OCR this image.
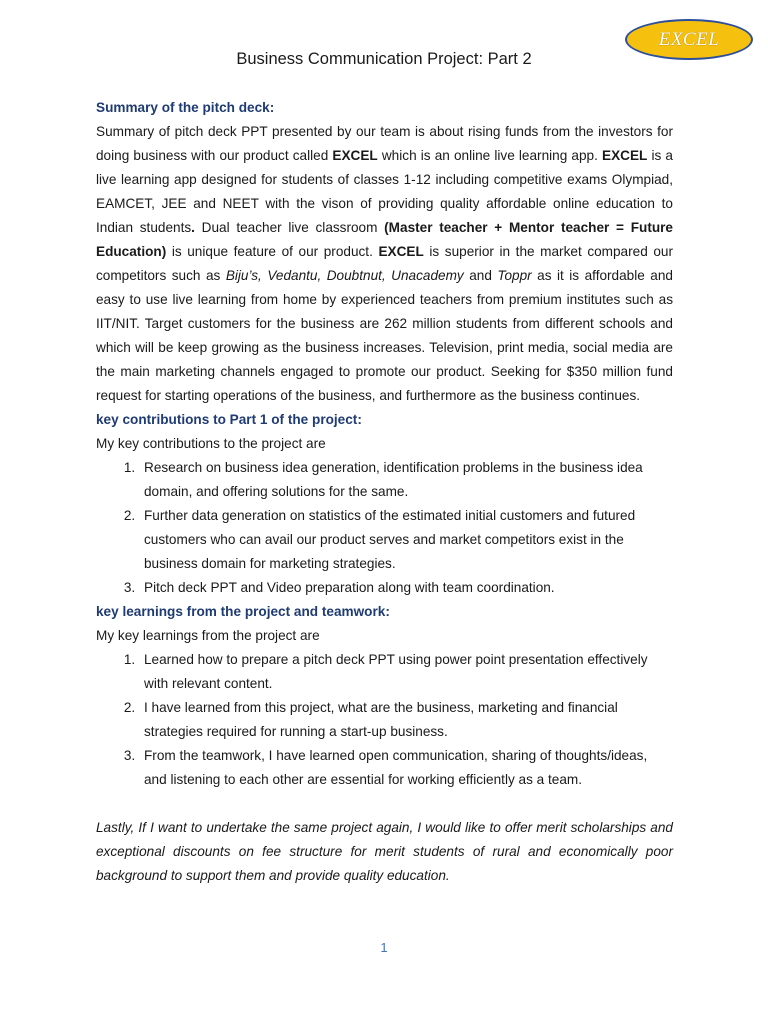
EXCEL
Business Communication Project: Part 2

Summary of the pitch deck:

Summary of pitch deck PPT presented by our team is about rising funds from the investors for doing business with our product called EXCEL which is an online live learning app. EXCEL is a live learning app designed for students of classes 1-12 including competitive exams Olympiad, EAMCET, JEE and NEET with the vison of providing quality affordable online education to Indian students. Dual teacher live classroom (Master teacher + Mentor teacher = Future Education) is unique feature of our product. EXCEL is superior in the market compared our competitors such as Biju’s, Vedantu, Doubtnut, Unacademy and Toppr as it is affordable and easy to use live learning from home by experienced teachers from premium institutes such as IIT/NIT. Target customers for the business are 262 million students from different schools and which will be keep growing as the business increases. Television, print media, social media are the main marketing channels engaged to promote our product. Seeking for $350 million fund request for starting operations of the business, and furthermore as the business continues.

key contributions to Part 1 of the project:

My key contributions to the project are

1. Research on business idea generation, identification problems in the business idea domain, and offering solutions for the same.
2. Further data generation on statistics of the estimated initial customers and futured customers who can avail our product serves and market competitors exist in the business domain for marketing strategies.
3. Pitch deck PPT and Video preparation along with team coordination.

key learnings from the project and teamwork:

My key learnings from the project are

1. Learned how to prepare a pitch deck PPT using power point presentation effectively with relevant content.
2. I have learned from this project, what are the business, marketing and financial strategies required for running a start-up business.
3. From the teamwork, I have learned open communication, sharing of thoughts/ideas, and listening to each other are essential for working efficiently as a team.

Lastly, If I want to undertake the same project again, I would like to offer merit scholarships and exceptional discounts on fee structure for merit students of rural and economically poor background to support them and provide quality education.

1
